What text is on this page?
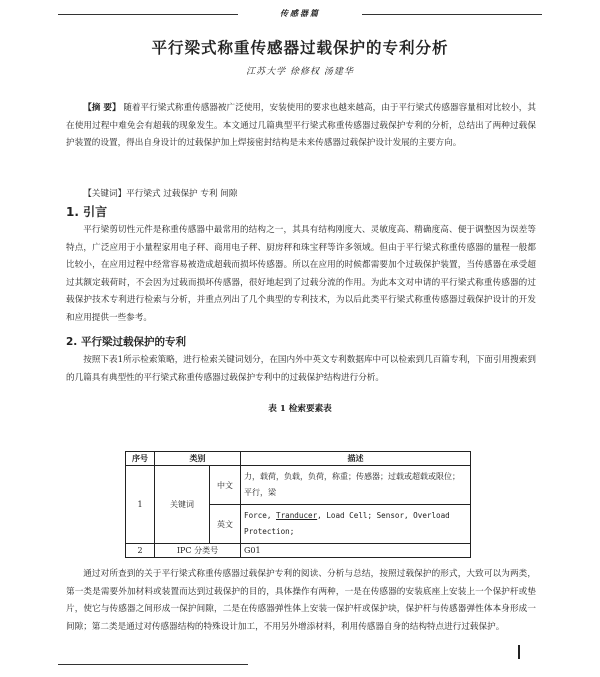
传感器篇
平行梁式称重传感器过载保护的专利分析
江苏大学 徐修权 汤建华
  【摘 要】 随着平行梁式称重传感器被广泛使用，安装使用的要求也越来越高，由于平行梁式传感器容量相对比较小，其在使用过程中难免会有超载的现象发生。本文通过几篇典型平行梁式称重传感器过载保护专利的分析，总结出了两种过载保护装置的设置，得出自身设计的过载保护加上焊接密封结构是未来传感器过载保护设计发展的主要方向。
  【关键词】平行梁式 过载保护 专利 间隙
1. 引言
平行梁剪切性元件是称重传感器中最常用的结构之一，其具有结构刚度大、灵敏度高、精确度高、便于调整因为误差等特点，广泛应用于小量程家用电子秤、商用电子秤、厨房秤和珠宝秤等许多领域。但由于平行梁式称重传感器的量程一般都比较小，在应用过程中经常容易被造成超载而损坏传感器。所以在应用的时候都需要加个过载保护装置，当传感器在承受超过其额定载荷时，不会因为过载而损坏传感器，很好地起到了过载分流的作用。为此本文对申请的平行梁式称重传感器的过载保护技术专利进行检索与分析，并重点列出了几个典型的专利技术，为以后此类平行梁式称重传感器过载保护设计的开发和应用提供一些参考。
2. 平行梁过载保护的专利
按照下表1所示检索策略，进行检索关键词划分，在国内外中英文专利数据库中可以检索到几百篇专利，下面引用搜索到的几篇具有典型性的平行梁式称重传感器过载保护专利中的过载保护结构进行分析。
表 1 检索要素表
序号	类别		描述
1	关键词	中文	力，载荷，负载，负荷，称重；传感器；过载或超载或限位；平行，梁
		英文	Force, Tranducer, Load Cell; Sensor, Overload Protection;
2	IPC 分类号		G01
通过对所查到的关于平行梁式称重传感器过载保护专利的阅读、分析与总结，按照过载保护的形式，大致可以为两类，第一类是需要外加材料或装置而达到过载保护的目的，具体操作有两种，一是在传感器的安装底座上安装上一个保护杆或垫片，使它与传感器之间形成一保护间隙，二是在传感器弹性体上安装一保护杆或保护块，保护杆与传感器弹性体本身形成一间隙；第二类是通过对传感器结构的特殊设计加工，不用另外增添材料，利用传感器自身的结构特点进行过载保护。
